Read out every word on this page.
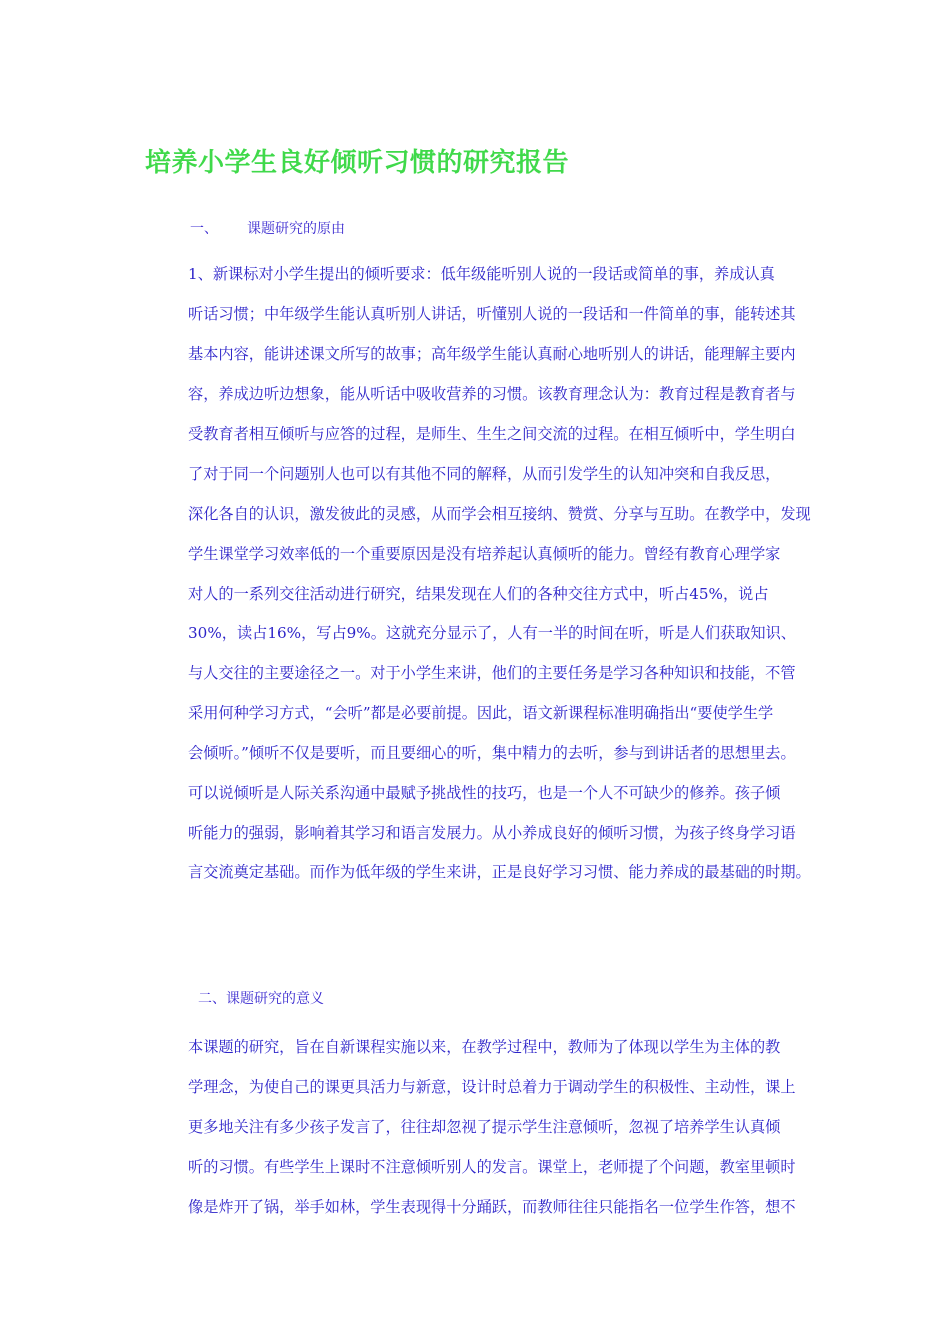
培养小学生良好倾听习惯的研究报告
一、 课题研究的原由

1、新课标对小学生提出的倾听要求：低年级能听别人说的一段话或简单的事，养成认真

听话习惯；中年级学生能认真听别人讲话，听懂别人说的一段话和一件简单的事，能转述其

基本内容，能讲述课文所写的故事；高年级学生能认真耐心地听别人的讲话，能理解主要内

容，养成边听边想象，能从听话中吸收营养的习惯。该教育理念认为：教育过程是教育者与

受教育者相互倾听与应答的过程，是师生、生生之间交流的过程。在相互倾听中，学生明白

了对于同一个问题别人也可以有其他不同的解释，从而引发学生的认知冲突和自我反思，

深化各自的认识，激发彼此的灵感，从而学会相互接纳、赞赏、分享与互助。在教学中，发现

学生课堂学习效率低的一个重要原因是没有培养起认真倾听的能力。曾经有教育心理学家

对人的一系列交往活动进行研究，结果发现在人们的各种交往方式中，听占45%，说占

30%，读占16%，写占9%。这就充分显示了，人有一半的时间在听，听是人们获取知识、

与人交往的主要途径之一。对于小学生来讲，他们的主要任务是学习各种知识和技能，不管

采用何种学习方式，“会听”都是必要前提。因此，语文新课程标准明确指出“要使学生学

会倾听。”倾听不仅是要听，而且要细心的听，集中精力的去听，参与到讲话者的思想里去。

可以说倾听是人际关系沟通中最赋予挑战性的技巧，也是一个人不可缺少的修养。孩子倾

听能力的强弱，影响着其学习和语言发展力。从小养成良好的倾听习惯，为孩子终身学习语

言交流奠定基础。而作为低年级的学生来讲，正是良好学习习惯、能力养成的最基础的时期。

二、课题研究的意义

本课题的研究，旨在自新课程实施以来，在教学过程中，教师为了体现以学生为主体的教

学理念，为使自己的课更具活力与新意，设计时总着力于调动学生的积极性、主动性，课上

更多地关注有多少孩子发言了，往往却忽视了提示学生注意倾听，忽视了培养学生认真倾

听的习惯。有些学生上课时不注意倾听别人的发言。课堂上，老师提了个问题，教室里顿时

像是炸开了锅，举手如林，学生表现得十分踊跃，而教师往往只能指名一位学生作答，想不
